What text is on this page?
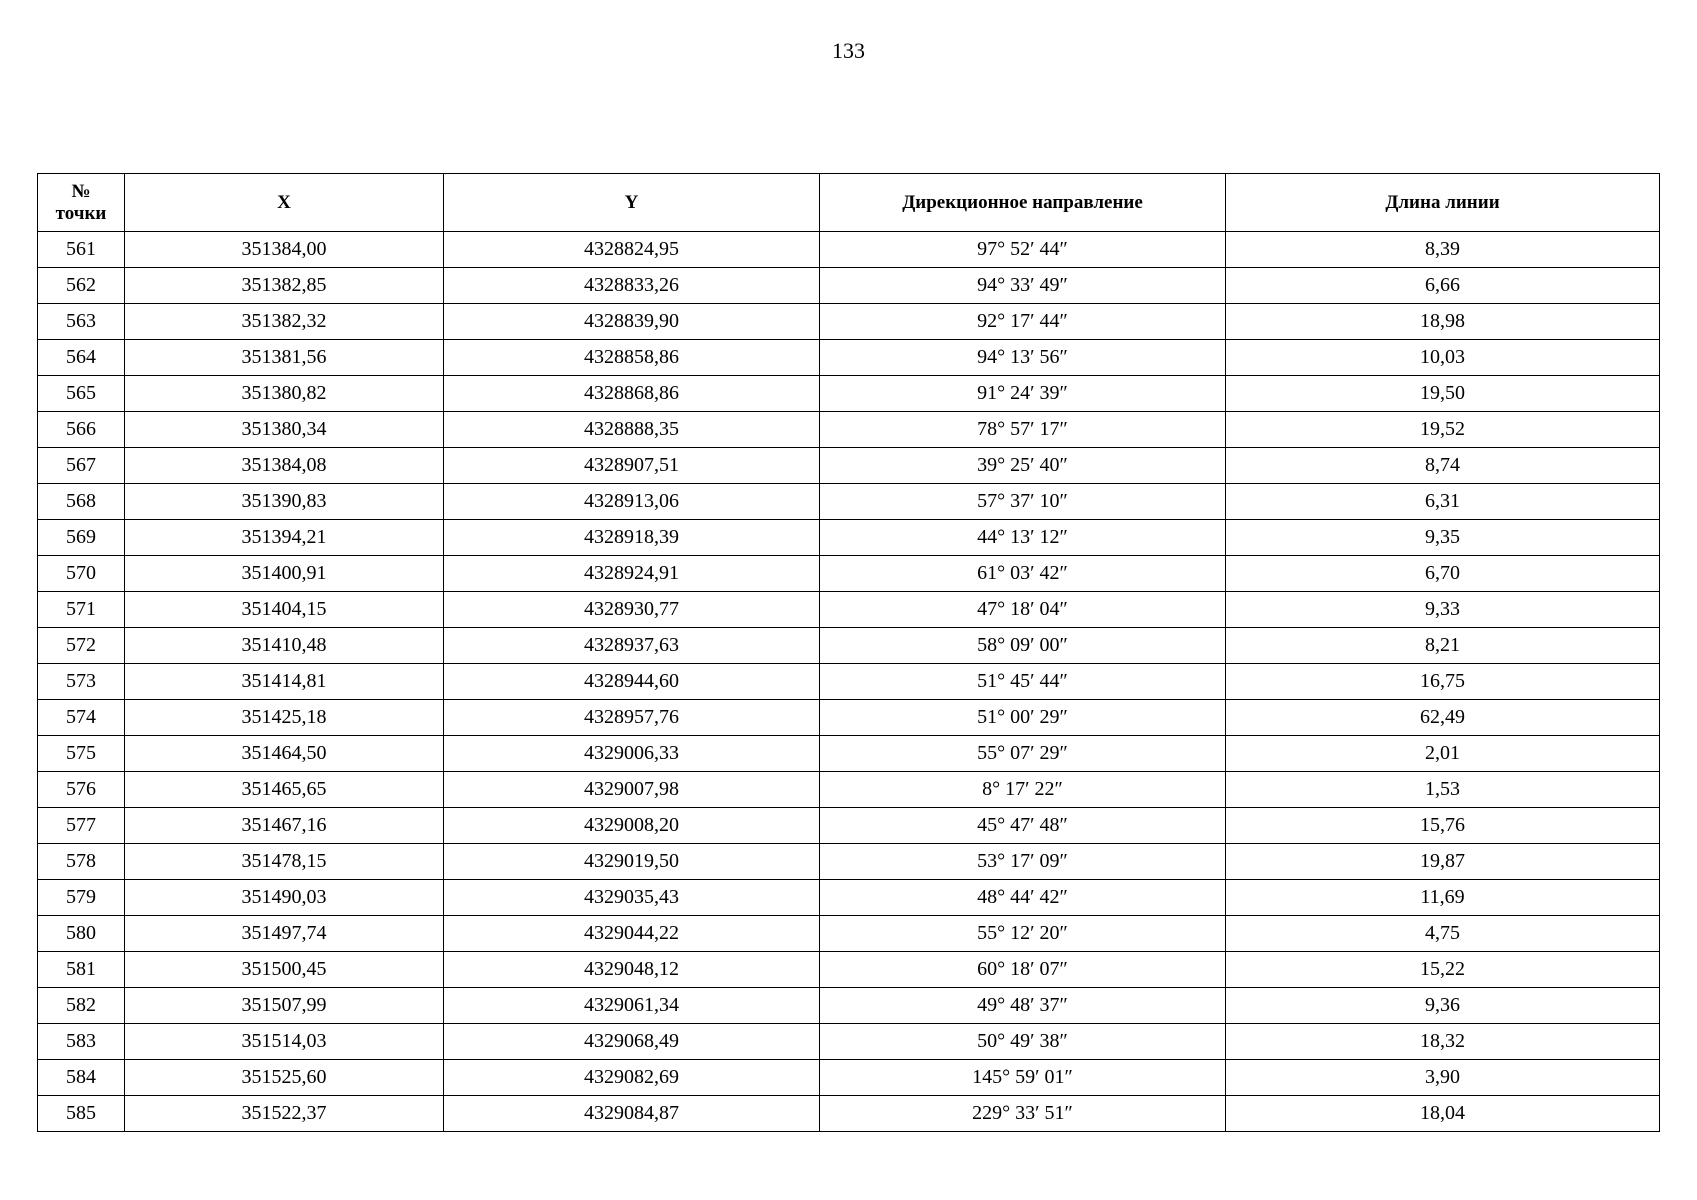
133
№
точки	X	Y	Дирекционное направление	Длина линии
561	351384,00	4328824,95	97° 52′ 44″	8,39
562	351382,85	4328833,26	94° 33′ 49″	6,66
563	351382,32	4328839,90	92° 17′ 44″	18,98
564	351381,56	4328858,86	94° 13′ 56″	10,03
565	351380,82	4328868,86	91° 24′ 39″	19,50
566	351380,34	4328888,35	78° 57′ 17″	19,52
567	351384,08	4328907,51	39° 25′ 40″	8,74
568	351390,83	4328913,06	57° 37′ 10″	6,31
569	351394,21	4328918,39	44° 13′ 12″	9,35
570	351400,91	4328924,91	61° 03′ 42″	6,70
571	351404,15	4328930,77	47° 18′ 04″	9,33
572	351410,48	4328937,63	58° 09′ 00″	8,21
573	351414,81	4328944,60	51° 45′ 44″	16,75
574	351425,18	4328957,76	51° 00′ 29″	62,49
575	351464,50	4329006,33	55° 07′ 29″	2,01
576	351465,65	4329007,98	8° 17′ 22″	1,53
577	351467,16	4329008,20	45° 47′ 48″	15,76
578	351478,15	4329019,50	53° 17′ 09″	19,87
579	351490,03	4329035,43	48° 44′ 42″	11,69
580	351497,74	4329044,22	55° 12′ 20″	4,75
581	351500,45	4329048,12	60° 18′ 07″	15,22
582	351507,99	4329061,34	49° 48′ 37″	9,36
583	351514,03	4329068,49	50° 49′ 38″	18,32
584	351525,60	4329082,69	145° 59′ 01″	3,90
585	351522,37	4329084,87	229° 33′ 51″	18,04
